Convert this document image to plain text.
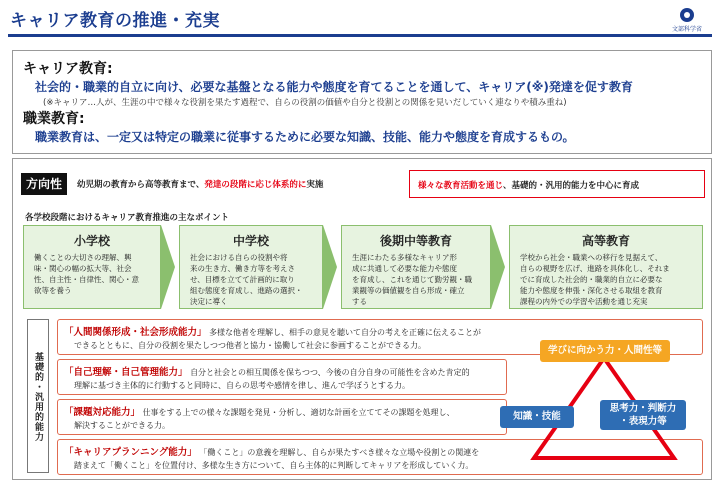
キャリア教育の推進・充実	文部科学省
キャリア教育:
社会的・職業的自立に向け、必要な基盤となる能力や態度を育てることを通して、キャリア(※)発達を促す教育
(※キャリア…人が、生涯の中で様々な役割を果たす過程で、自らの役割の価値や自分と役割との関係を見いだしていく連なりや積み重ね)
職業教育:
職業教育は、一定又は特定の職業に従事するために必要な知識、技能、能力や態度を育成するもの。
方向性	幼児期の教育から高等教育まで、発達の段階に応じ体系的に実施	様々な教育活動を通じ、基礎的・汎用的能力を中心に育成
各学校段階におけるキャリア教育推進の主なポイント
小学校
働くことの大切さの理解、興
味・関心の幅の拡大等、社会
性、自主性・自律性、関心・意
欲等を養う
中学校
社会における自らの役割や将
来の生き方、働き方等を考えさ
せ、目標を立てて計画的に取り
組む態度を育成し、進路の選択・
決定に導く
後期中等教育
生涯にわたる多様なキャリア形
成に共通して必要な能力や態度
を育成し、これを通じて勤労観・職
業観等の価値観を自ら形成・確立
する
高等教育
学校から社会・職業への移行を見据えて、
自らの視野を広げ、進路を具体化し、それま
でに育成した社会的・職業的自立に必要な
能力や態度を伸張・深化させる取組を教育
課程の内外での学習や活動を通じ充実
基礎的・汎用的能力
「人間関係形成・社会形成能力」 多様な他者を理解し、相手の意見を聴いて自分の考えを正確に伝えることが
できるとともに、自分の役割を果たしつつ他者と協力・協働して社会に参画することができる力。
「自己理解・自己管理能力」 自分と社会との相互関係を保ちつつ、今後の自分自身の可能性を含めた肯定的
理解に基づき主体的に行動すると同時に、自らの思考や感情を律し、進んで学ぼうとする力。
「課題対応能力」 仕事をする上での様々な課題を発見・分析し、適切な計画を立ててその課題を処理し、
解決することができる力。
「キャリアプランニング能力」 「働くこと」の意義を理解し、自らが果たすべき様々な立場や役割との関連を
踏まえて「働くこと」を位置付け、多様な生き方について、自ら主体的に判断してキャリアを形成していく力。
学びに向かう力・人間性等
知識・技能
思考力・判断力
・表現力等
